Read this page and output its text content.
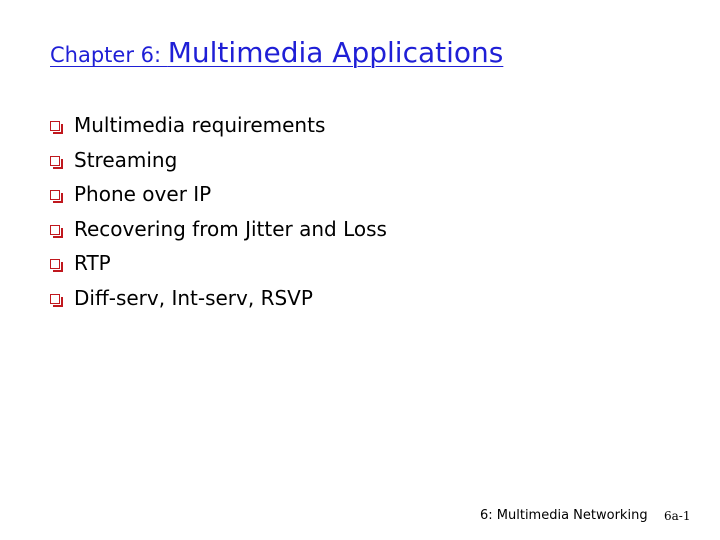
Chapter 6: Multimedia Applications
Multimedia requirements
Streaming
Phone over IP
Recovering from Jitter and Loss
RTP
Diff-serv, Int-serv, RSVP
6: Multimedia Networking 6a-1
